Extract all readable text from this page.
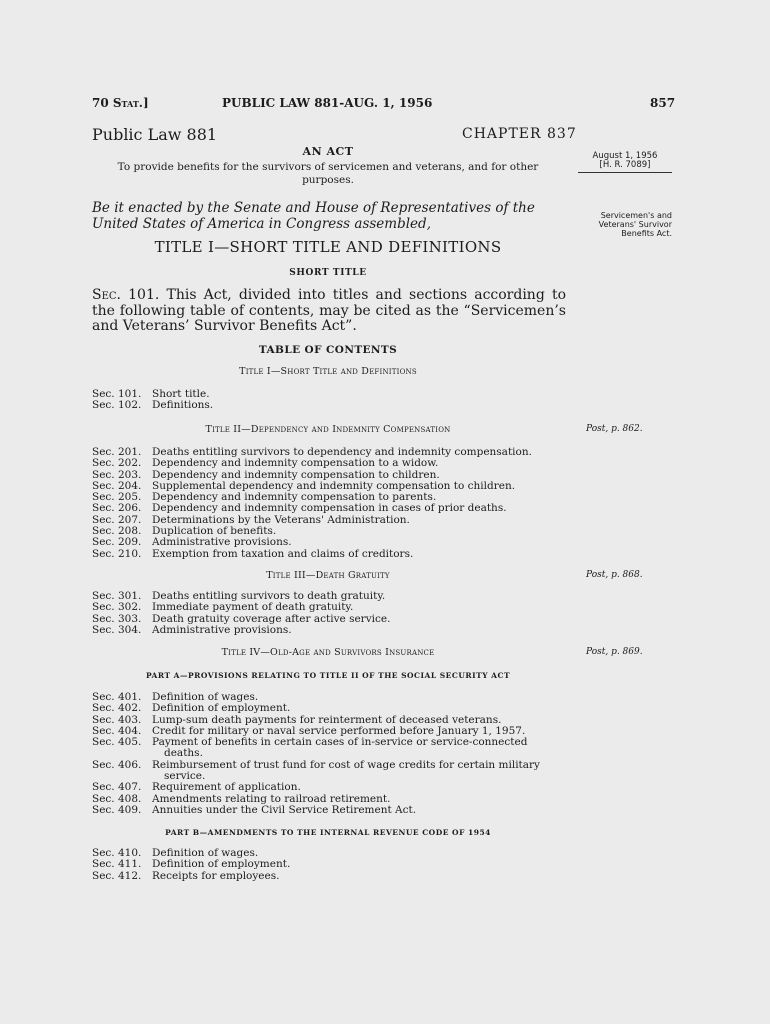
70 Stat.]	PUBLIC LAW 881-AUG. 1, 1956	857
Public Law 881	CHAPTER 837
August 1, 1956
[H. R. 7089]
Servicemen's and Veterans' Survivor Benefits Act.
AN ACT
To provide benefits for the survivors of servicemen and veterans, and for other purposes.
Be it enacted by the Senate and House of Representatives of the United States of America in Congress assembled,
TITLE I—SHORT TITLE AND DEFINITIONS
SHORT TITLE
Sec. 101. This Act, divided into titles and sections according to the following table of contents, may be cited as the “Servicemen’s and Veterans’ Survivor Benefits Act”.
TABLE OF CONTENTS
Title I—Short Title and Definitions
Sec. 101.	Short title.
Sec. 102.	Definitions.
Title II—Dependency and Indemnity Compensation	Post, p. 862.
Sec. 201.	Deaths entitling survivors to dependency and indemnity compensation.
Sec. 202.	Dependency and indemnity compensation to a widow.
Sec. 203.	Dependency and indemnity compensation to children.
Sec. 204.	Supplemental dependency and indemnity compensation to children.
Sec. 205.	Dependency and indemnity compensation to parents.
Sec. 206.	Dependency and indemnity compensation in cases of prior deaths.
Sec. 207.	Determinations by the Veterans' Administration.
Sec. 208.	Duplication of benefits.
Sec. 209.	Administrative provisions.
Sec. 210.	Exemption from taxation and claims of creditors.
Title III—Death Gratuity	Post, p. 868.
Sec. 301.	Deaths entitling survivors to death gratuity.
Sec. 302.	Immediate payment of death gratuity.
Sec. 303.	Death gratuity coverage after active service.
Sec. 304.	Administrative provisions.
Title IV—Old-Age and Survivors Insurance	Post, p. 869.
PART A—PROVISIONS RELATING TO TITLE II OF THE SOCIAL SECURITY ACT
Sec. 401.	Definition of wages.
Sec. 402.	Definition of employment.
Sec. 403.	Lump-sum death payments for reinterment of deceased veterans.
Sec. 404.	Credit for military or naval service performed before January 1, 1957.
Sec. 405.	Payment of benefits in certain cases of in-service or service-connected deaths.
Sec. 406.	Reimbursement of trust fund for cost of wage credits for certain military service.
Sec. 407.	Requirement of application.
Sec. 408.	Amendments relating to railroad retirement.
Sec. 409.	Annuities under the Civil Service Retirement Act.
PART B—AMENDMENTS TO THE INTERNAL REVENUE CODE OF 1954
Sec. 410.	Definition of wages.
Sec. 411.	Definition of employment.
Sec. 412.	Receipts for employees.
